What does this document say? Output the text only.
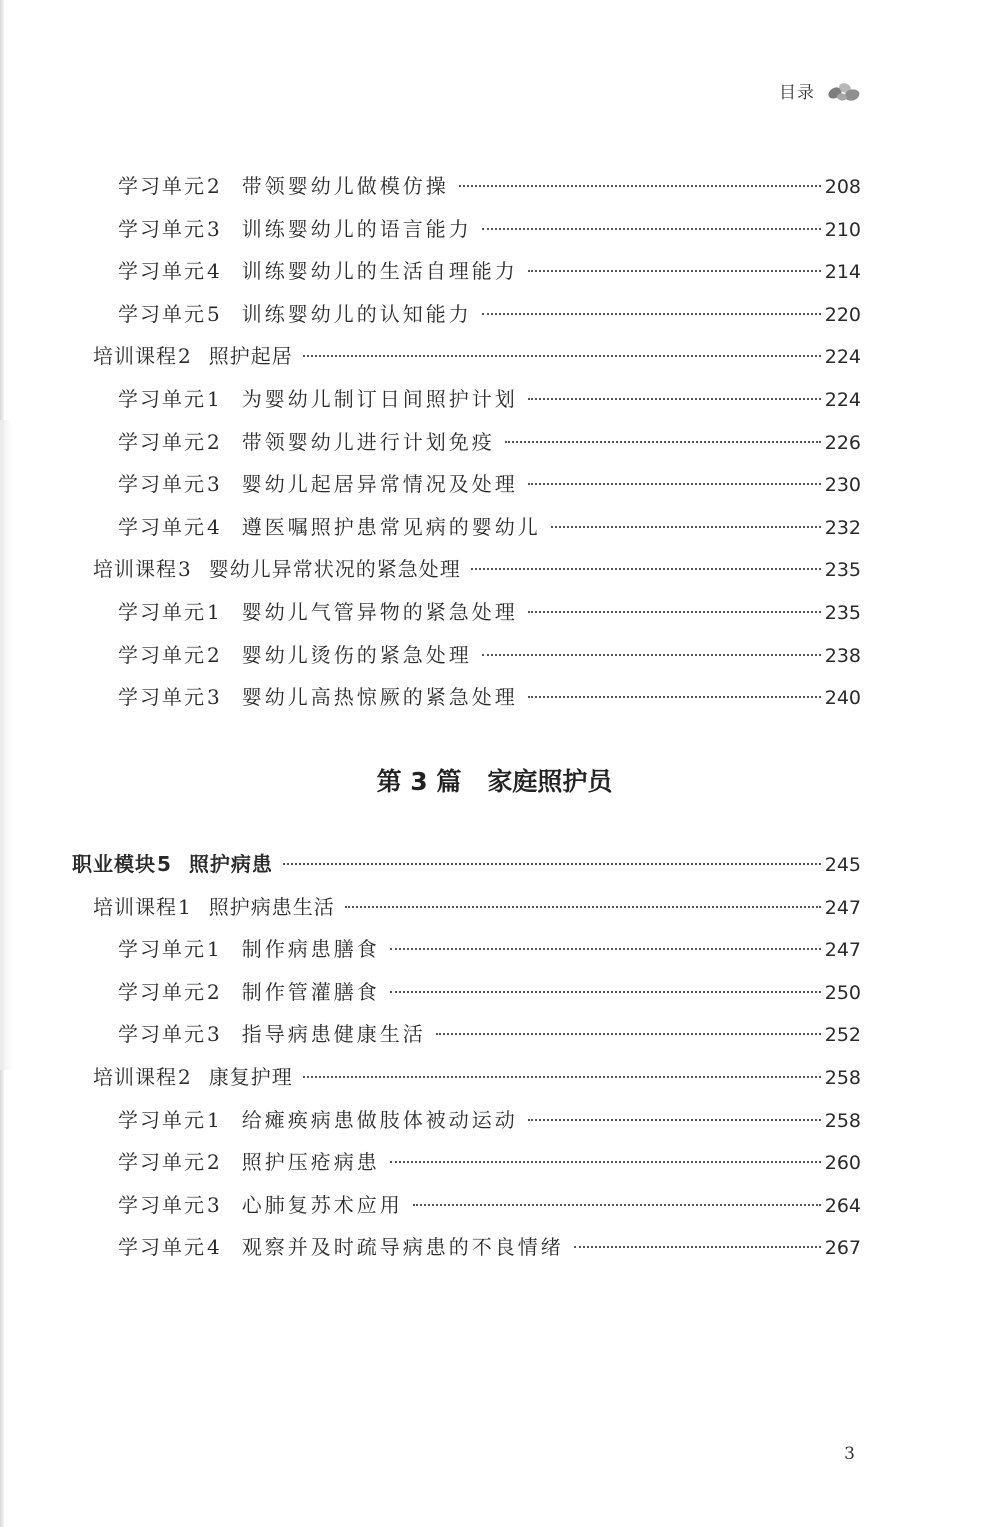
目录
学习单元2 带领婴幼儿做模仿操	208
学习单元3 训练婴幼儿的语言能力	210
学习单元4 训练婴幼儿的生活自理能力	214
学习单元5 训练婴幼儿的认知能力	220
培训课程2 照护起居	224
学习单元1 为婴幼儿制订日间照护计划	224
学习单元2 带领婴幼儿进行计划免疫	226
学习单元3 婴幼儿起居异常情况及处理	230
学习单元4 遵医嘱照护患常见病的婴幼儿	232
培训课程3 婴幼儿异常状况的紧急处理	235
学习单元1 婴幼儿气管异物的紧急处理	235
学习单元2 婴幼儿烫伤的紧急处理	238
学习单元3 婴幼儿高热惊厥的紧急处理	240
职业模块5 照护病患	245
培训课程1 照护病患生活	247
学习单元1 制作病患膳食	247
学习单元2 制作管灌膳食	250
学习单元3 指导病患健康生活	252
培训课程2 康复护理	258
学习单元1 给瘫痪病患做肢体被动运动	258
学习单元2 照护压疮病患	260
学习单元3 心肺复苏术应用	264
学习单元4 观察并及时疏导病患的不良情绪	267
第 3 篇 家庭照护员
3
